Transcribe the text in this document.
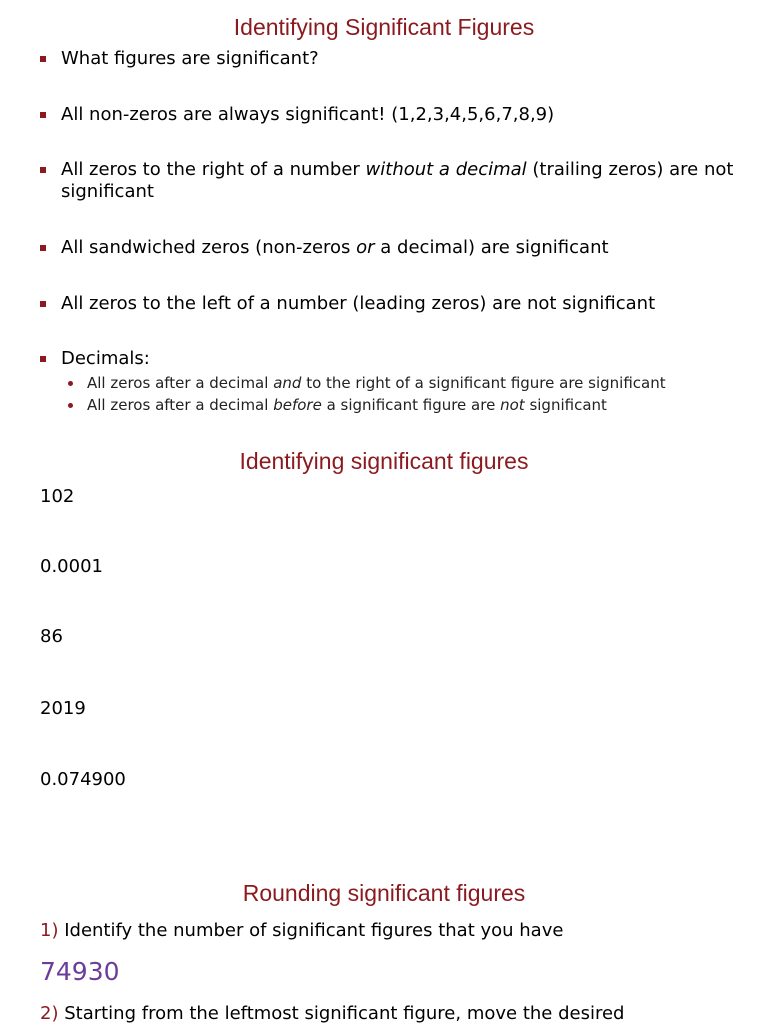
Identifying Significant Figures
What figures are significant?
All non-zeros are always significant! (1,2,3,4,5,6,7,8,9)
All zeros to the right of a number without a decimal (trailing zeros) are not significant
All sandwiched zeros (non-zeros or a decimal) are significant
All zeros to the left of a number (leading zeros) are not significant
Decimals:
All zeros after a decimal and to the right of a significant figure are significant
All zeros after a decimal before a significant figure are not significant
Identifying significant figures
102
0.0001
86
2019
0.074900
Rounding significant figures
1) Identify the number of significant figures that you have
74930
2) Starting from the leftmost significant figure, move the desired
